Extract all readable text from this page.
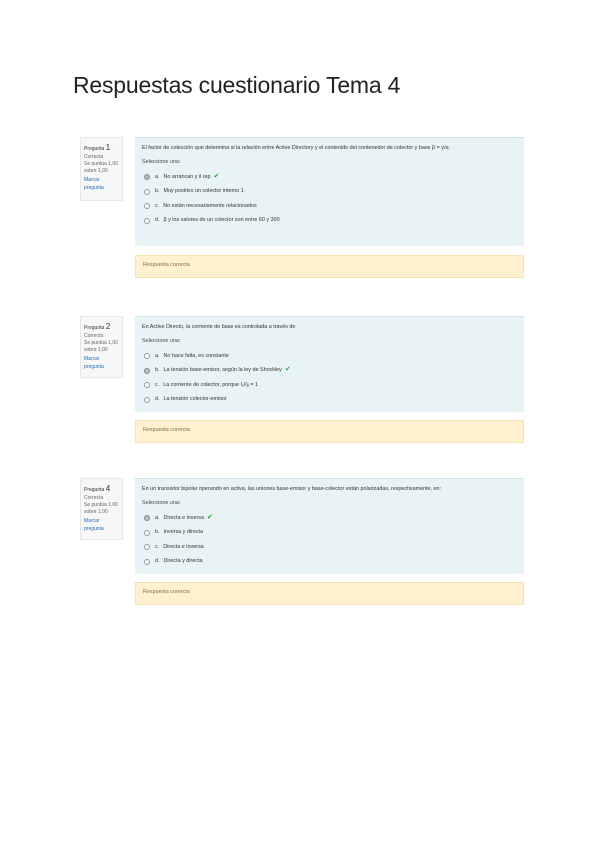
Respuestas cuestionario Tema 4
Pregunta 1
Correcta
Se puntúa 1,00 sobre 1,00
Marcar pregunta

El factor de colección que determina si la relación entre Active Directory y el contenido del contenedor de colector y base β = y/α.

Seleccione una:

a. No arrancan y il rep ✔
b. Muy positivo un colector interno 1
c. No están necesariamente relacionados
d. β y los valores de un colector son entre 60 y 300
Respuesta correcta
Pregunta 2
Correcta
Se puntúa 1,00 sobre 1,00
Marcar pregunta

En Active Directo, la corriente de base es controlada a través de

Seleccione una:

a. No hace falta, es constante
b. La tensión base-emisor, según la ley de Shockley ✔
c. La corriente de colector, porque Iₓ/Iᵦ = 1
d. La tensión colector-emisor
Respuesta correcta
Pregunta 4
Correcta
Se puntúa 1,00 sobre 1,00
Marcar pregunta

En un transistor bipolar operando en activa, las uniones base-emisor y base-colector están polarizadas, respectivamente, en:

Seleccione una:

a. Directa e inversa ✔
b. Inversa y directa
c. Directa e inversa
d. Directa y directa
Respuesta correcta
